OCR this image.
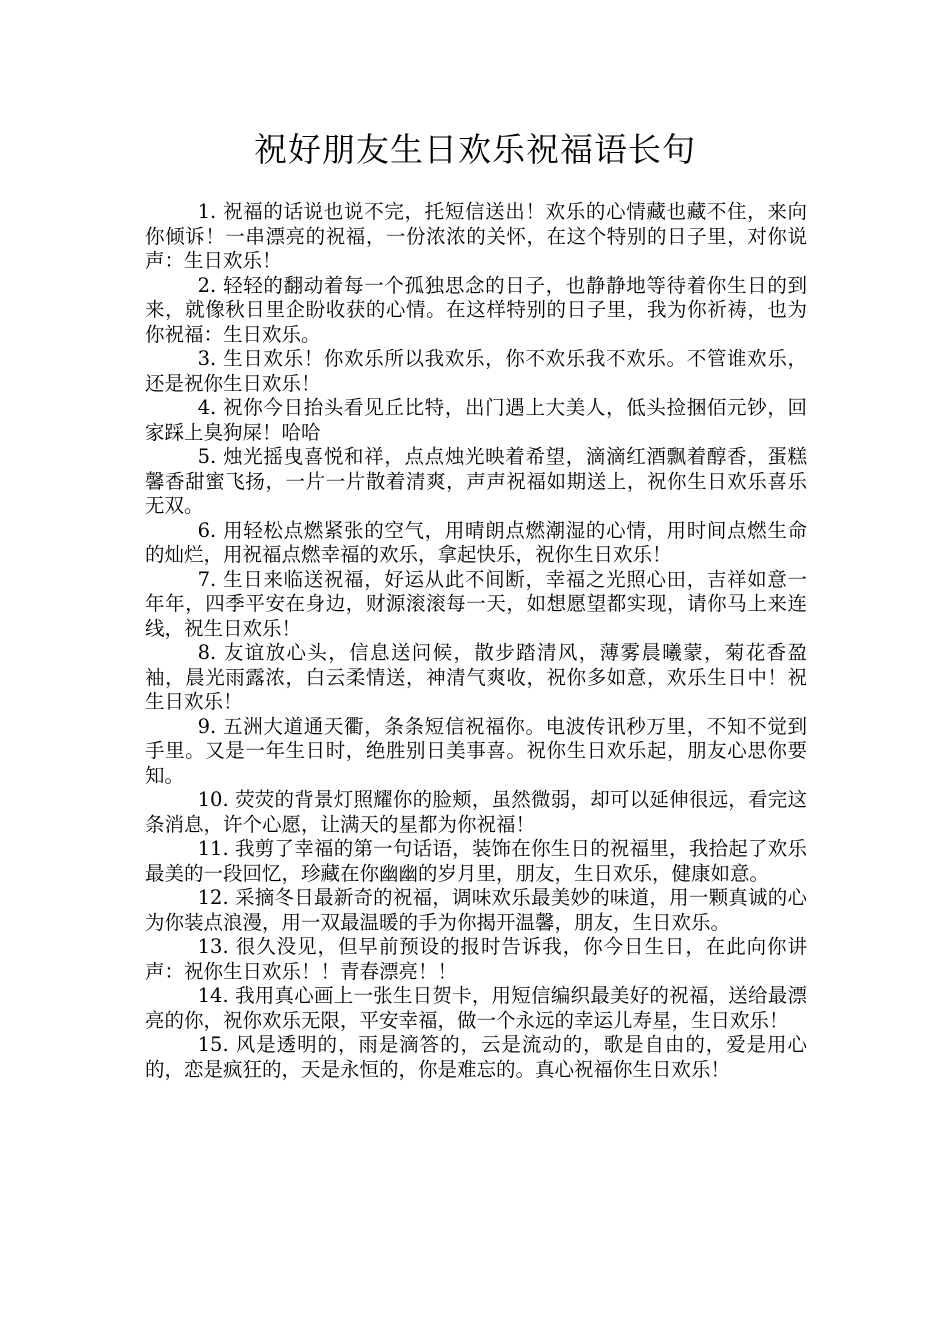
祝好朋友生日欢乐祝福语长句

1. 祝福的话说也说不完，托短信送出！欢乐的心情藏也藏不住，来向你倾诉！一串漂亮的祝福，一份浓浓的关怀，在这个特别的日子里，对你说声：生日欢乐！

2. 轻轻的翻动着每一个孤独思念的日子，也静静地等待着你生日的到来，就像秋日里企盼收获的心情。在这样特别的日子里，我为你祈祷，也为你祝福：生日欢乐。

3. 生日欢乐！你欢乐所以我欢乐，你不欢乐我不欢乐。不管谁欢乐，还是祝你生日欢乐！

4. 祝你今日抬头看见丘比特，出门遇上大美人，低头捡捆佰元钞，回家踩上臭狗屎！哈哈

5. 烛光摇曳喜悦和祥，点点烛光映着希望，滴滴红酒飘着醇香，蛋糕馨香甜蜜飞扬，一片一片散着清爽，声声祝福如期送上，祝你生日欢乐喜乐无双。

6. 用轻松点燃紧张的空气，用晴朗点燃潮湿的心情，用时间点燃生命的灿烂，用祝福点燃幸福的欢乐，拿起快乐，祝你生日欢乐！

7. 生日来临送祝福，好运从此不间断，幸福之光照心田，吉祥如意一年年，四季平安在身边，财源滚滚每一天，如想愿望都实现，请你马上来连线，祝生日欢乐！

8. 友谊放心头，信息送问候，散步踏清风，薄雾晨曦蒙，菊花香盈袖，晨光雨露浓，白云柔情送，神清气爽收，祝你多如意，欢乐生日中！祝生日欢乐！

9. 五洲大道通天衢，条条短信祝福你。电波传讯秒万里，不知不觉到手里。又是一年生日时，绝胜别日美事喜。祝你生日欢乐起，朋友心思你要知。

10. 荧荧的背景灯照耀你的脸颊，虽然微弱，却可以延伸很远，看完这条消息，许个心愿，让满天的星都为你祝福！

11. 我剪了幸福的第一句话语，装饰在你生日的祝福里，我拾起了欢乐最美的一段回忆，珍藏在你幽幽的岁月里，朋友，生日欢乐，健康如意。

12. 采摘冬日最新奇的祝福，调味欢乐最美妙的味道，用一颗真诚的心为你装点浪漫，用一双最温暖的手为你揭开温馨，朋友，生日欢乐。

13. 很久没见，但早前预设的报时告诉我，你今日生日，在此向你讲声：祝你生日欢乐！！青春漂亮！！

14. 我用真心画上一张生日贺卡，用短信编织最美好的祝福，送给最漂亮的你，祝你欢乐无限，平安幸福，做一个永远的幸运儿寿星，生日欢乐！

15. 风是透明的，雨是滴答的，云是流动的，歌是自由的，爱是用心的，恋是疯狂的，天是永恒的，你是难忘的。真心祝福你生日欢乐！
